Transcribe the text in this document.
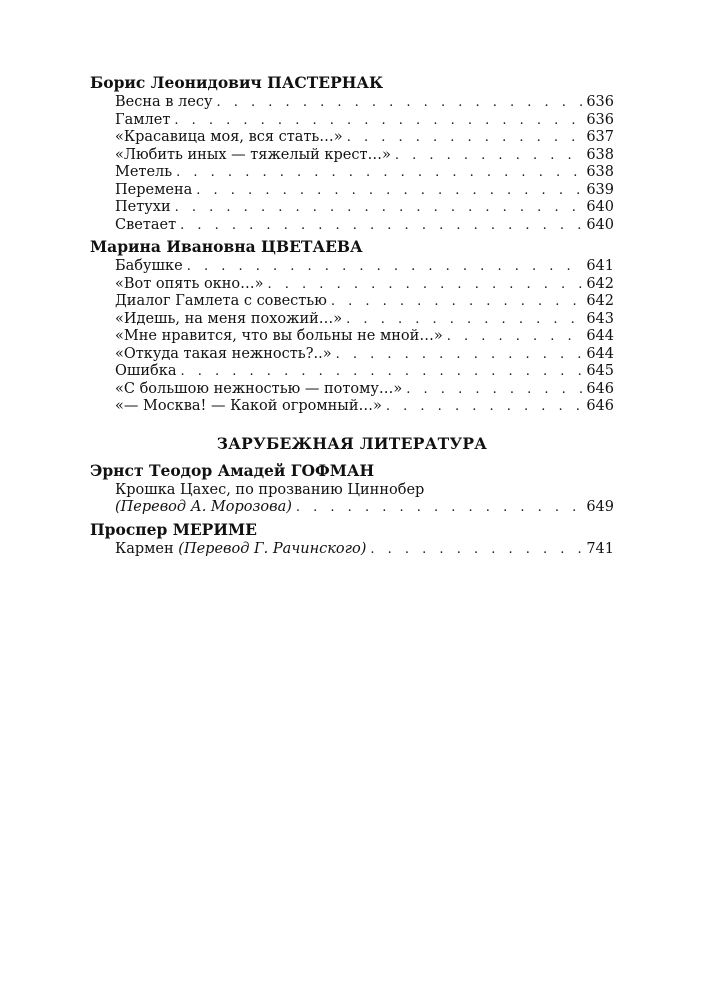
Борис Леонидович ПАСТЕРНАК
Весна в лесу . . .	636
Гамлет . . .	636
«Красавица моя, вся стать…» . . .	637
«Любить иных — тяжелый крест…» . . .	638
Метель . . .	638
Перемена . . .	639
Петухи . . .	640
Светает . . .	640
Марина Ивановна ЦВЕТАЕВА
Бабушке . . .	641
«Вот опять окно…» . . .	642
Диалог Гамлета с совестью . . .	642
«Идешь, на меня похожий…» . . .	643
«Мне нравится, что вы больны не мной…» . . .	644
«Откуда такая нежность?..» . . .	644
Ошибка . . .	645
«С большою нежностью — потому…» . . .	646
«— Москва! — Какой огромный…» . . .	646
ЗАРУБЕЖНАЯ ЛИТЕРАТУРА
Эрнст Теодор Амадей ГОФМАН
Крошка Цахес, по прозванию Циннобер
(Перевод А. Морозова) . . .	649
Проспер МЕРИМЕ
Кармен (Перевод Г. Рачинского) . . .	741
